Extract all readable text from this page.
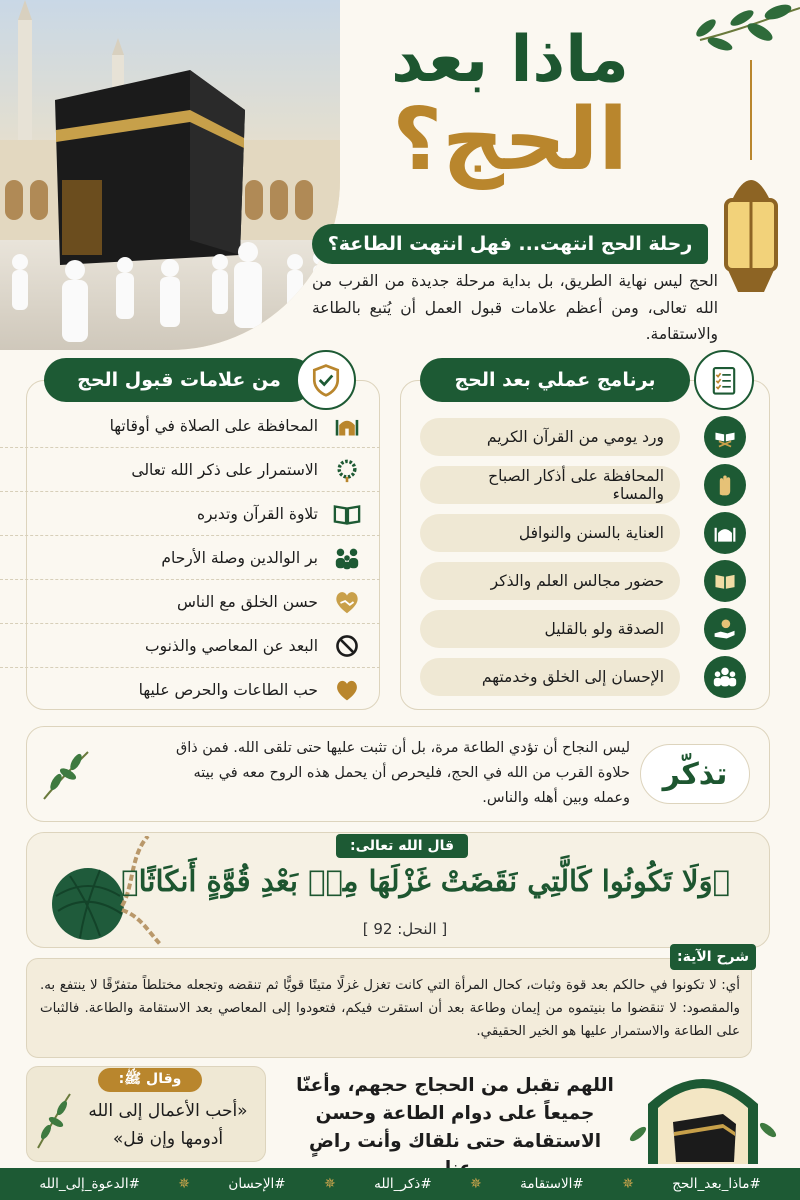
ماذا بعد
الحج؟
رحلة الحج انتهت... فهل انتهت الطاعة؟
الحج ليس نهاية الطريق، بل بداية مرحلة جديدة من القرب من الله تعالى، ومن أعظم علامات قبول العمل أن يُتبع بالطاعة والاستقامة.
من علامات قبول الحج
المحافظة على الصلاة في أوقاتها
الاستمرار على ذكر الله تعالى
تلاوة القرآن وتدبره
بر الوالدين وصلة الأرحام
حسن الخلق مع الناس
البعد عن المعاصي والذنوب
حب الطاعات والحرص عليها
برنامج عملي بعد الحج
ورد يومي من القرآن الكريم
المحافظة على أذكار الصباح والمساء
العناية بالسنن والنوافل
حضور مجالس العلم والذكر
الصدقة ولو بالقليل
الإحسان إلى الخلق وخدمتهم
تذكّر
ليس النجاح أن تؤدي الطاعة مرة، بل أن تثبت عليها حتى تلقى الله. فمن ذاق حلاوة القرب من الله في الحج، فليحرص أن يحمل هذه الروح معه في بيته وعمله وبين أهله والناس.
قال الله تعالى:
﴿وَلَا تَكُونُوا كَالَّتِي نَقَضَتْ غَزْلَهَا مِنۢ بَعْدِ قُوَّةٍ أَنكَاثًا﴾
[ النحل: 92 ]
شرح الآية:
أي: لا تكونوا في حالكم بعد قوة وثبات، كحال المرأة التي كانت تغزل غزلًا متينًا قويًّا ثم تنقضه وتجعله مختلطاً متفرّقًا لا ينتفع به. والمقصود: لا تنقضوا ما بنيتموه من إيمان وطاعة بعد أن استقرت فيكم، فتعودوا إلى المعاصي بعد الاستقامة والطاعة. فالثبات على الطاعة والاستمرار عليها هو الخير الحقيقي.
وقال ﷺ:
«أحب الأعمال إلى الله أدومها وإن قل»
اللهم تقبل من الحجاج حجهم، وأعنّا جميعاً على دوام الطاعة وحسن الاستقامة حتى نلقاك وأنت راضٍ
#ماذا_بعد_الحج
✵
#الاستقامة
✵
#ذكر_الله
✵
#الإحسان
✵
#الدعوة_إلى_الله
